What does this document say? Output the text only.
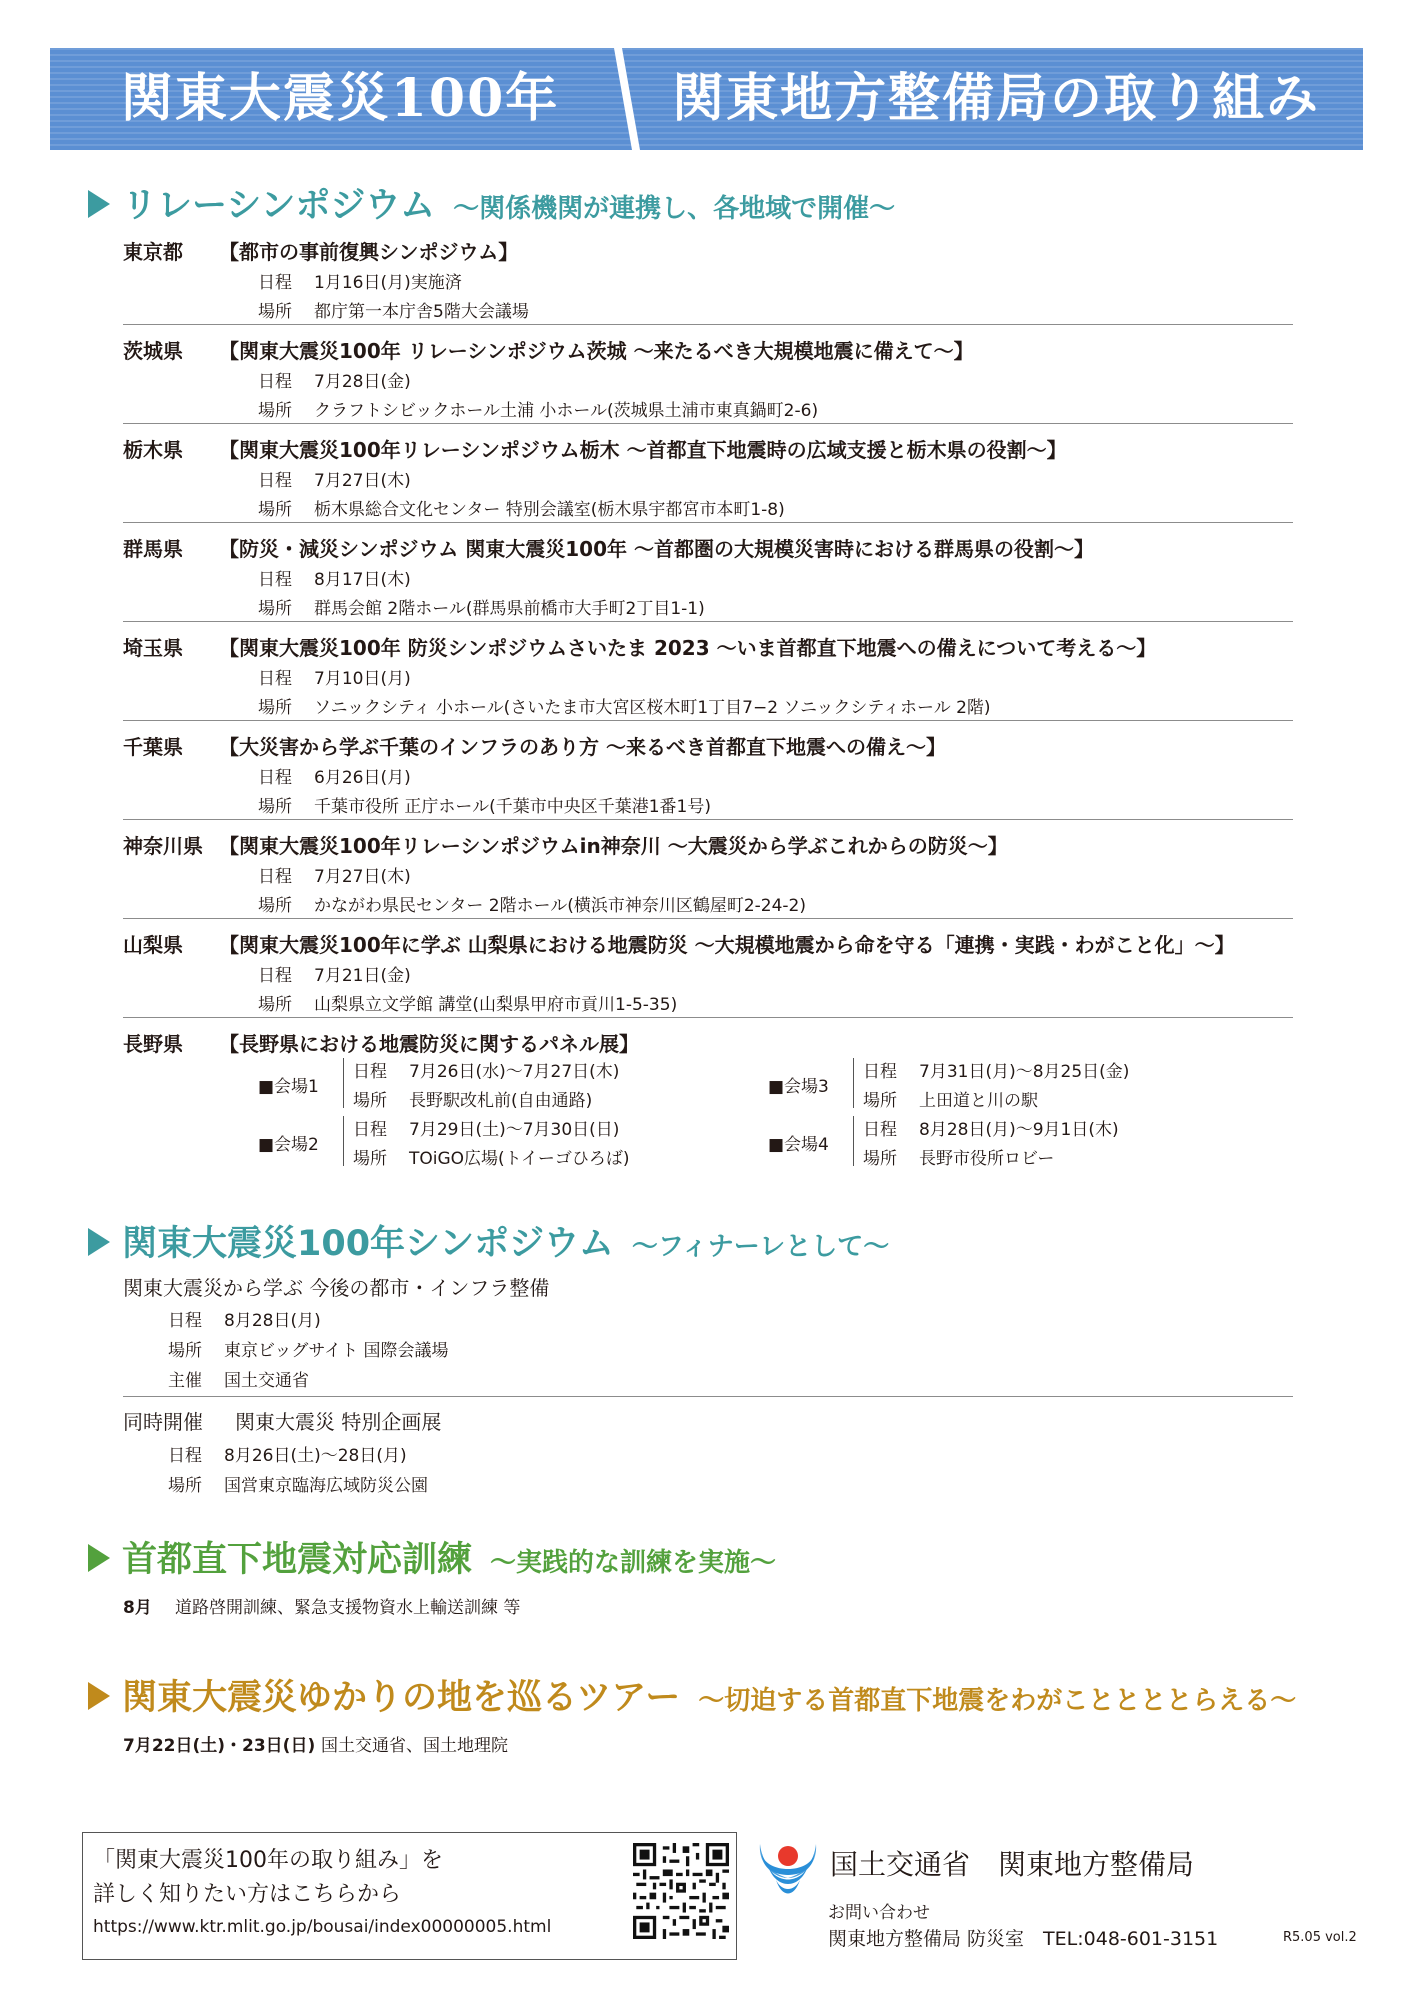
関東大震災100年	関東地方整備局の取り組み
リレーシンポジウム ～関係機関が連携し、各地域で開催～
東京都 【都市の事前復興シンポジウム】
日程 1月16日(月)実施済
場所 都庁第一本庁舎5階大会議場
茨城県 【関東大震災100年 リレーシンポジウム茨城 ～来たるべき大規模地震に備えて～】
日程 7月28日(金)
場所 クラフトシビックホール土浦 小ホール(茨城県土浦市東真鍋町2-6)
栃木県 【関東大震災100年リレーシンポジウム栃木 ～首都直下地震時の広域支援と栃木県の役割～】
日程 7月27日(木)
場所 栃木県総合文化センター 特別会議室(栃木県宇都宮市本町1-8)
群馬県 【防災・減災シンポジウム 関東大震災100年 ～首都圏の大規模災害時における群馬県の役割～】
日程 8月17日(木)
場所 群馬会館 2階ホール(群馬県前橋市大手町2丁目1-1)
埼玉県 【関東大震災100年 防災シンポジウムさいたま 2023 ～いま首都直下地震への備えについて考える～】
日程 7月10日(月)
場所 ソニックシティ 小ホール(さいたま市大宮区桜木町1丁目7−2 ソニックシティホール 2階)
千葉県 【大災害から学ぶ千葉のインフラのあり方 ～来るべき首都直下地震への備え～】
日程 6月26日(月)
場所 千葉市役所 正庁ホール(千葉市中央区千葉港1番1号)
神奈川県 【関東大震災100年リレーシンポジウムin神奈川 ～大震災から学ぶこれからの防災～】
日程 7月27日(木)
場所 かながわ県民センター 2階ホール(横浜市神奈川区鶴屋町2-24-2)
山梨県 【関東大震災100年に学ぶ 山梨県における地震防災 ～大規模地震から命を守る「連携・実践・わがこと化」～】
日程 7月21日(金)
場所 山梨県立文学館 講堂(山梨県甲府市貢川1-5-35)
長野県 【長野県における地震防災に関するパネル展】
■会場1
日程 7月26日(水)～7月27日(木)
場所 長野駅改札前(自由通路)
■会場2
日程 7月29日(土)～7月30日(日)
場所 TOiGO広場(トイーゴひろば)
■会場3
日程 7月31日(月)～8月25日(金)
場所 上田道と川の駅
■会場4
日程 8月28日(月)～9月1日(木)
場所 長野市役所ロビー
関東大震災100年シンポジウム ～フィナーレとして～
関東大震災から学ぶ 今後の都市・インフラ整備
日程 8月28日(月)
場所 東京ビッグサイト 国際会議場
主催 国土交通省
同時開催 関東大震災 特別企画展
日程 8月26日(土)～28日(月)
場所 国営東京臨海広域防災公園
首都直下地震対応訓練 ～実践的な訓練を実施～
8月 道路啓開訓練、緊急支援物資水上輸送訓練 等
関東大震災ゆかりの地を巡るツアー ～切迫する首都直下地震をわがこととととらえる～
7月22日(土)・23日(日) 国土交通省、国土地理院
「関東大震災100年の取り組み」を
詳しく知りたい方はこちらから
https://www.ktr.mlit.go.jp/bousai/index00000005.html
国土交通省　関東地方整備局
お問い合わせ
関東地方整備局 防災室　TEL:048-601-3151	R5.05 vol.2
